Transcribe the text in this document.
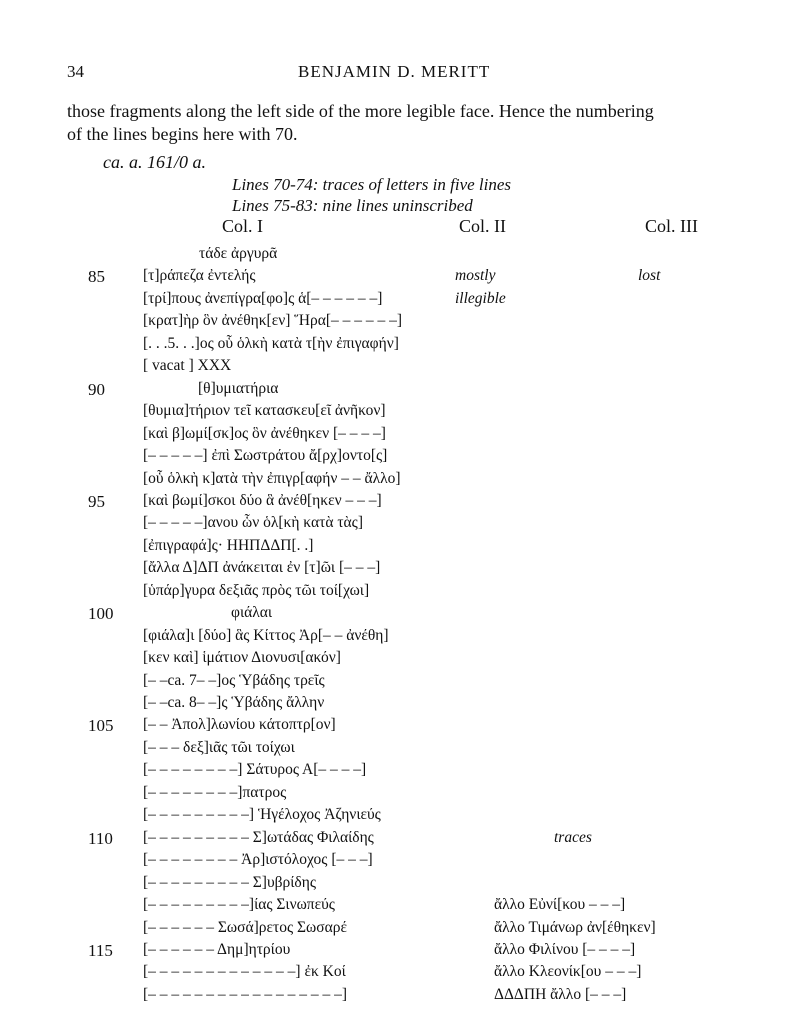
34	BENJAMIN D. MERITT
those fragments along the left side of the more legible face. Hence the numbering
of the lines begins here with 70.
ca. a. 161/0 a.
Lines 70-74: traces of letters in five lines
Lines 75-83: nine lines uninscribed
Col. I	Col. II	Col. III
τάδε ἀργυρᾶ
85	[τ]ράπεζα ἐντελής	mostly	lost
[τρί]πους ἀνεπίγρα[φο]ς ἁ[– – – – – –]	illegible
[κρατ]ὴρ ὃν ἀνέθηκ[εν] Ἥρα[– – – – – –]
[. . .5. . .]ος οὗ ὁλκὴ κατὰ τ[ὴν ἐπιγαφήν]
[ vacat ] XXX
90	[θ]υμιατήρια
[θυμια]τήριον τεῖ κατασκευ[εῖ ἀνῆκον]
[καὶ β]ωμί[σκ]ος ὃν ἀνέθηκεν [– – – –]
[– – – – –] ἐπὶ Σωστράτου ἄ[ρχ]οντο[ς]
[οὗ ὁλκὴ κ]ατὰ τὴν ἐπιγρ[αφήν – – ἄλλο]
95	[καὶ βωμί]σκοι δύο ἃ ἀνέθ[ηκεν – – –]
[– – – – –]ανου ὧν ὁλ[κὴ κατὰ τὰς]
[ἐπιγραφά]ς· ΗΗΠΔΔΠ[. .]
[ἄλλα Δ]ΔΠ ἀνάκειται ἐν [τ]ῶι [– – –]
[ὑπάρ]γυρα δεξιᾶς πρὸς τῶι τοί[χωι]
100	φιάλαι
[φιάλα]ι [δύο] ἃς Κίττος Ἀρ[– – ἀνέθη]
[κεν καὶ] ἱμάτιον Διονυσι[ακόν]
[– –ca. 7– –]ος Ὑβάδης τρεῖς
[– –ca. 8– –]ς Ὑβάδης ἄλλην
105	[– – Ἀπολ]λωνίου κάτοπτρ[ον]
[– – – δεξ]ιᾶς τῶι τοίχωι
[– – – – – – – –] Σάτυρος Α[– – – –]
[– – – – – – – –]πατρος
[– – – – – – – – –] Ἡγέλοχος Ἀζηνιεύς
110	[– – – – – – – – – Σ]ωτάδας Φιλαίδης	traces
[– – – – – – – – Ἀρ]ιστόλοχος [– – –]
[– – – – – – – – – Σ]υβρίδης
[– – – – – – – – –]ίας Σινωπεύς	ἄλλο Εὐνί[κου – – –]
[– – – – – – Σωσά]ρετος Σωσαρέ	ἄλλο Τιμάνωρ ἀν[έθηκεν]
115	[– – – – – – Δημ]ητρίου	ἄλλο Φιλίνου [– – – –]
[– – – – – – – – – – – – –] ἐκ Κοί	ἄλλο Κλεονίκ[ου – – –]
[– – – – – – – – – – – – – – – – –]	ΔΔΔΠΗ ἄλλο [– – –]
